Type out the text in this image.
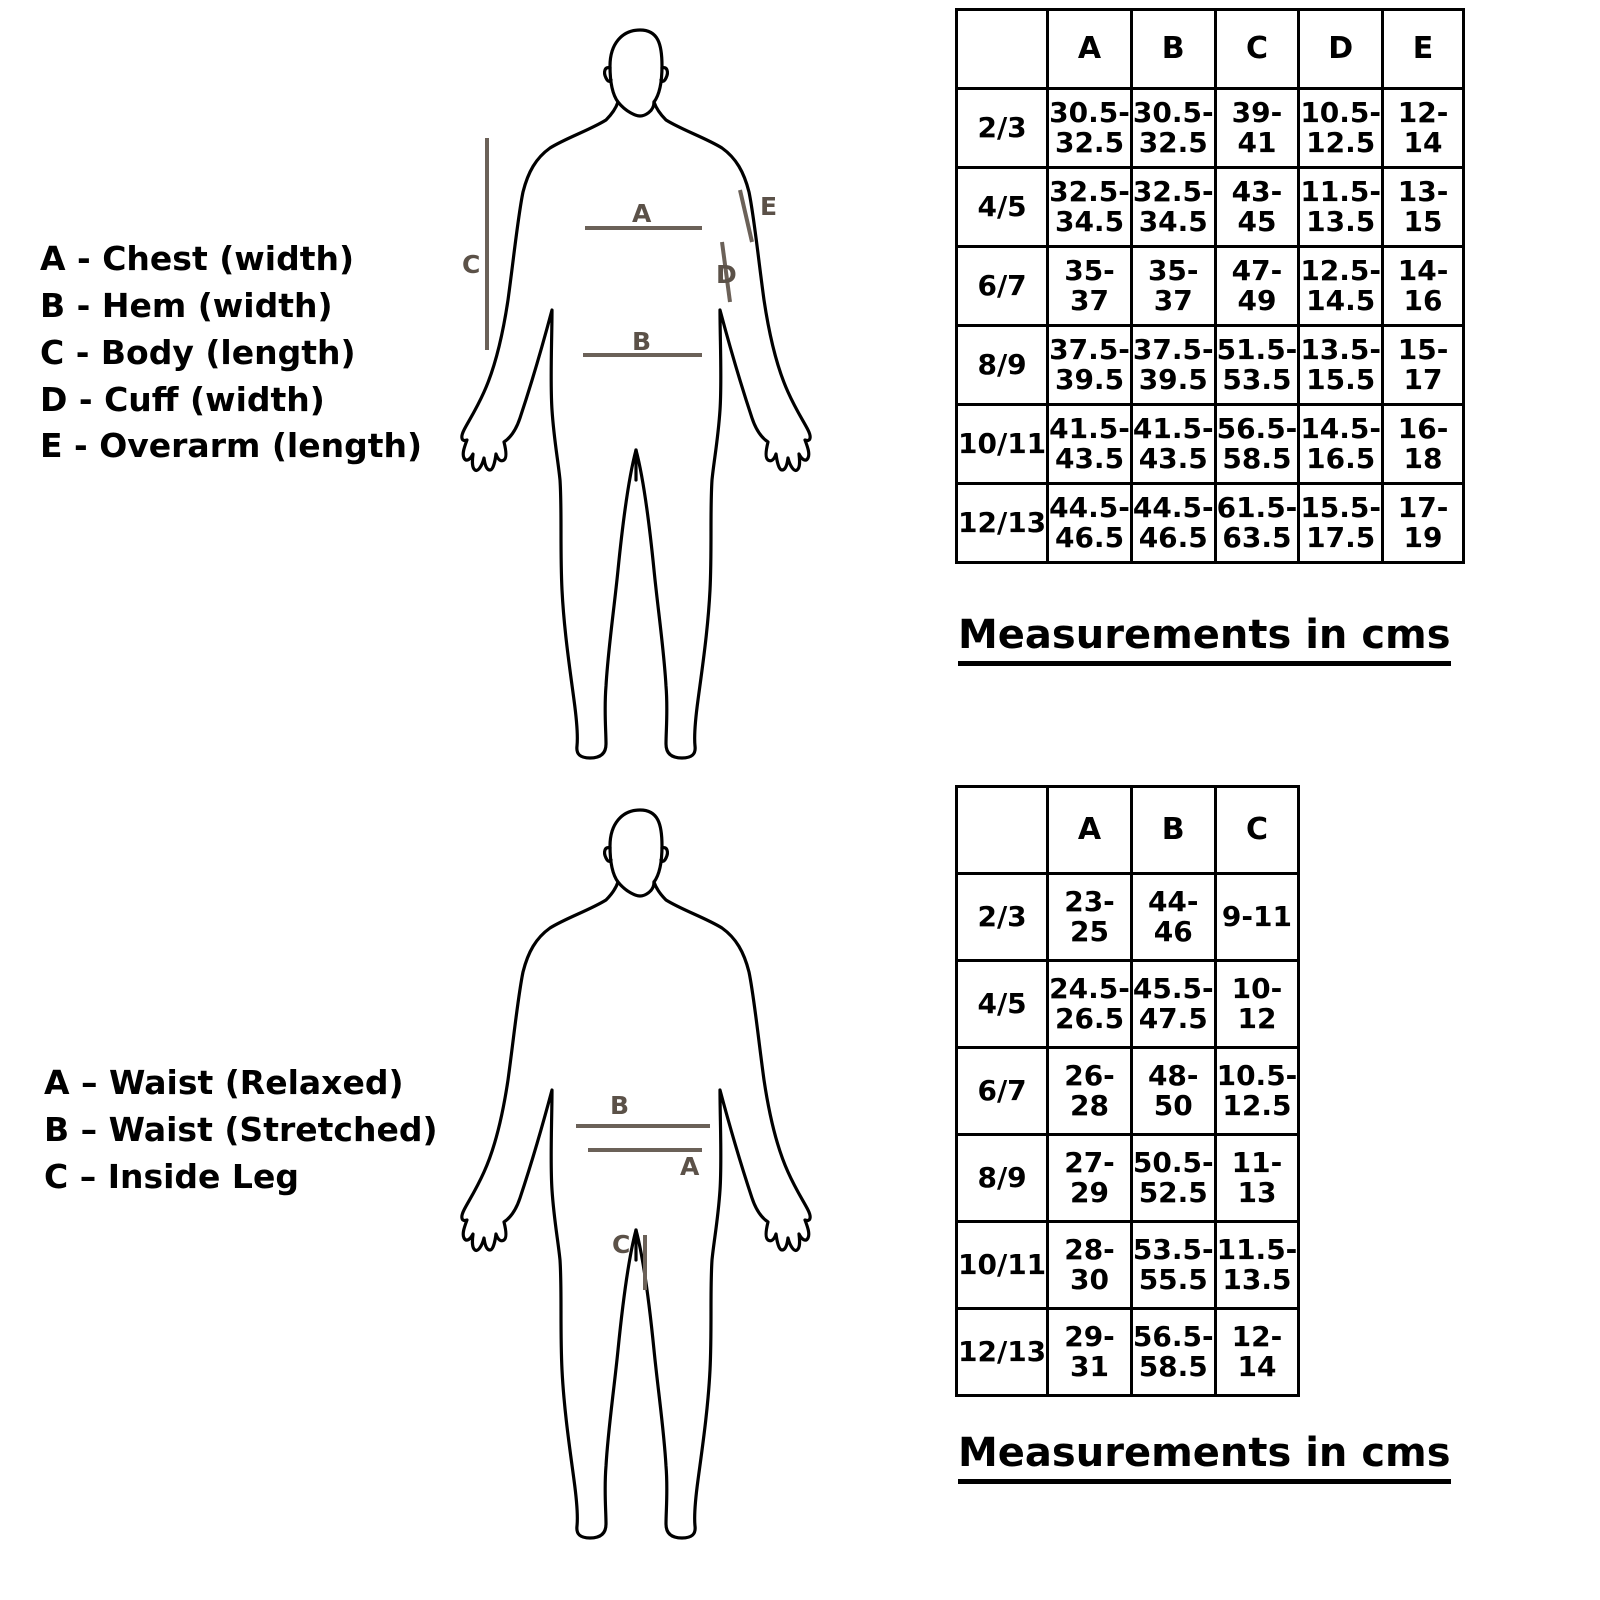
A - Chest (width)
B - Hem (width)
C - Body (length)
D - Cuff (width)
E - Overarm (length)
A
B
C	D
E
	A	B	C	D	E
2/3	30.5-32.5	30.5-32.5	39-41	10.5-12.5	12-14
4/5	32.5-34.5	32.5-34.5	43-45	11.5-13.5	13-15
6/7	35-37	35-37	47-49	12.5-14.5	14-16
8/9	37.5-39.5	37.5-39.5	51.5-53.5	13.5-15.5	15-17
10/11	41.5-43.5	41.5-43.5	56.5-58.5	14.5-16.5	16-18
12/13	44.5-46.5	44.5-46.5	61.5-63.5	15.5-17.5	17-19
Measurements in cms
A – Waist (Relaxed)
B – Waist (Stretched)
C – Inside Leg
B
A
C
	A	B	C
2/3	23-25	44-46	9-11
4/5	24.5-26.5	45.5-47.5	10-12
6/7	26-28	48-50	10.5-12.5
8/9	27-29	50.5-52.5	11-13
10/11	28-30	53.5-55.5	11.5-13.5
12/13	29-31	56.5-58.5	12-14
Measurements in cms
